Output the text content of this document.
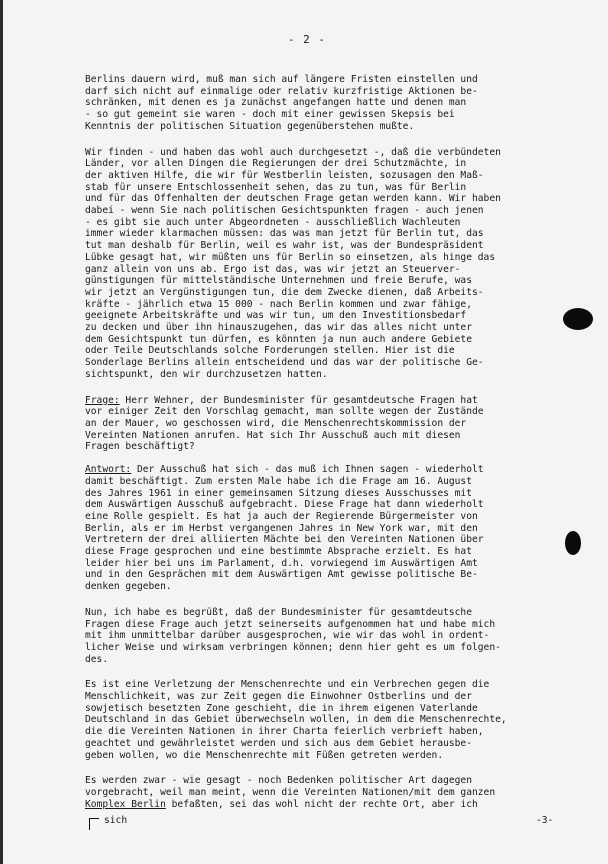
- 2 -
Berlins dauern wird, muß man sich auf längere Fristen einstellen und
darf sich nicht auf einmalige oder relativ kurzfristige Aktionen be-
schränken, mit denen es ja zunächst angefangen hatte und denen man
- so gut gemeint sie waren - doch mit einer gewissen Skepsis bei
Kenntnis der politischen Situation gegenüberstehen mußte.
Wir finden - und haben das wohl auch durchgesetzt -, daß die verbündeten
Länder, vor allen Dingen die Regierungen der drei Schutzmächte, in
der aktiven Hilfe, die wir für Westberlin leisten, sozusagen den Maß-
stab für unsere Entschlossenheit sehen, das zu tun, was für Berlin
und für das Offenhalten der deutschen Frage getan werden kann. Wir haben
dabei - wenn Sie nach politischen Gesichtspunkten fragen - auch jenen
- es gibt sie auch unter Abgeordneten - ausschließlich Wachleuten
immer wieder klarmachen müssen: das was man jetzt für Berlin tut, das
tut man deshalb für Berlin, weil es wahr ist, was der Bundespräsident
Lübke gesagt hat, wir müßten uns für Berlin so einsetzen, als hinge das
ganz allein von uns ab. Ergo ist das, was wir jetzt an Steuerver-
günstigungen für mittelständische Unternehmen und freie Berufe, was
wir jetzt an Vergünstigungen tun, die dem Zwecke dienen, daß Arbeits-
kräfte - jährlich etwa 15 000 - nach Berlin kommen und zwar fähige,
geeignete Arbeitskräfte und was wir tun, um den Investitionsbedarf
zu decken und über ihn hinauszugehen, das wir das alles nicht unter
dem Gesichtspunkt tun dürfen, es könnten ja nun auch andere Gebiete
oder Teile Deutschlands solche Forderungen stellen. Hier ist die
Sonderlage Berlins allein entscheidend und das war der politische Ge-
sichtspunkt, den wir durchzusetzen hatten.
Frage: Herr Wehner, der Bundesminister für gesamtdeutsche Fragen hat
vor einiger Zeit den Vorschlag gemacht, man sollte wegen der Zustände
an der Mauer, wo geschossen wird, die Menschenrechtskommission der
Vereinten Nationen anrufen. Hat sich Ihr Ausschuß auch mit diesen
Fragen beschäftigt?
Antwort: Der Ausschuß hat sich - das muß ich Ihnen sagen - wiederholt
damit beschäftigt. Zum ersten Male habe ich die Frage am 16. August
des Jahres 1961 in einer gemeinsamen Sitzung dieses Ausschusses mit
dem Auswärtigen Ausschuß aufgebracht. Diese Frage hat dann wiederholt
eine Rolle gespielt. Es hat ja auch der Regierende Bürgermeister von
Berlin, als er im Herbst vergangenen Jahres in New York war, mit den
Vertretern der drei alliierten Mächte bei den Vereinten Nationen über
diese Frage gesprochen und eine bestimmte Absprache erzielt. Es hat
leider hier bei uns im Parlament, d.h. vorwiegend im Auswärtigen Amt
und in den Gesprächen mit dem Auswärtigen Amt gewisse politische Be-
denken gegeben.
Nun, ich habe es begrüßt, daß der Bundesminister für gesamtdeutsche
Fragen diese Frage auch jetzt seinerseits aufgenommen hat und habe mich
mit ihm unmittelbar darüber ausgesprochen, wie wir das wohl in ordent-
licher Weise und wirksam verbringen können; denn hier geht es um folgen-
des.
Es ist eine Verletzung der Menschenrechte und ein Verbrechen gegen die
Menschlichkeit, was zur Zeit gegen die Einwohner Ostberlins und der
sowjetisch besetzten Zone geschieht, die in ihrem eigenen Vaterlande
Deutschland in das Gebiet überwechseln wollen, in dem die Menschenrechte,
die die Vereinten Nationen in ihrer Charta feierlich verbrieft haben,
geachtet und gewährleistet werden und sich aus dem Gebiet herausbe-
geben wollen, wo die Menschenrechte mit Füßen getreten werden.
Es werden zwar - wie gesagt - noch Bedenken politischer Art dagegen
vorgebracht, weil man meint, wenn die Vereinten Nationen/mit dem ganzen
Komplex Berlin befaßten, sei das wohl nicht der rechte Ort, aber ich
sich	-3-
